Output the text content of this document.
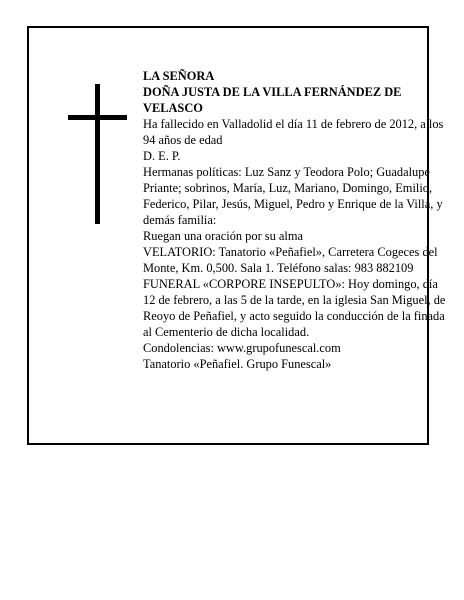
LA SEÑORA

DOÑA JUSTA DE LA VILLA FERNÁNDEZ DE VELASCO

Ha fallecido en Valladolid el día 11 de febrero de 2012, a los 94 años de edad

D. E. P.

Hermanas políticas: Luz Sanz y Teodora Polo; Guadalupe Priante; sobrinos, María, Luz, Mariano, Domingo, Emilio, Federico, Pilar, Jesús, Miguel, Pedro y Enrique de la Villa, y demás familia:

Ruegan una oración por su alma

VELATORIO: Tanatorio «Peñafiel», Carretera Cogeces del Monte, Km. 0,500. Sala 1. Teléfono salas: 983 882109

FUNERAL «CORPORE INSEPULTO»: Hoy domingo, día 12 de febrero, a las 5 de la tarde, en la iglesia San Miguel, de Reoyo de Peñafiel, y acto seguido la conducción de la finada al Cementerio de dicha localidad.

Condolencias: www.grupofunescal.com

Tanatorio «Peñafiel. Grupo Funescal»
